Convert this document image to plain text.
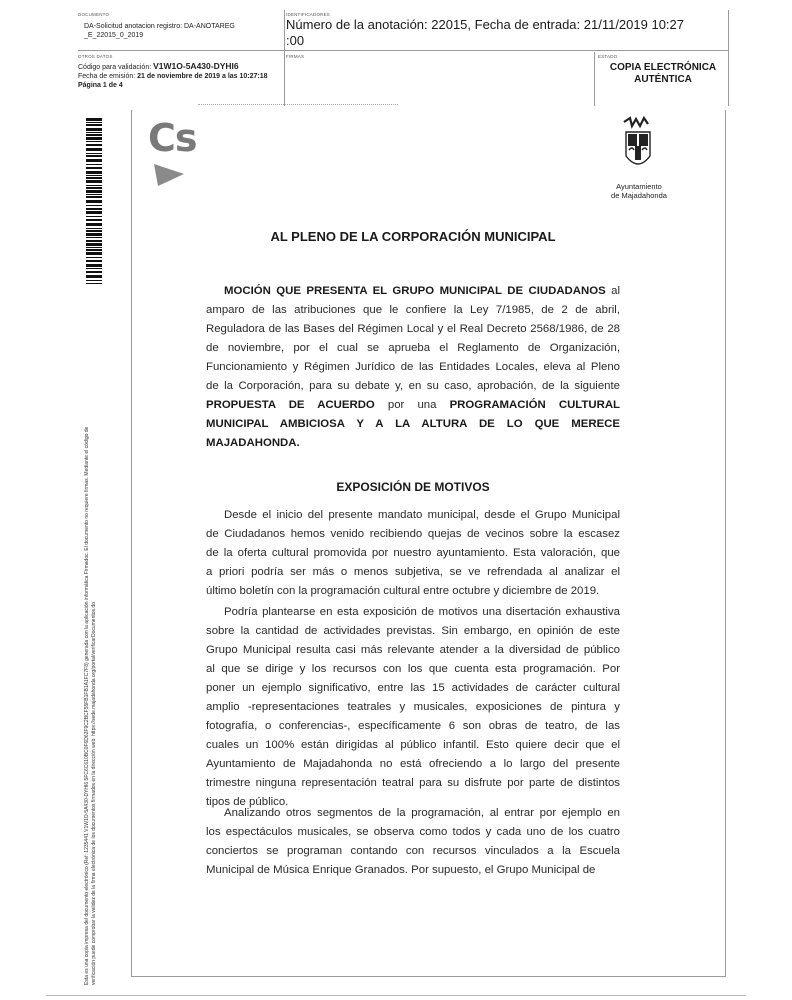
DOCUMENTO
DA-Solicitud anotacion registro: DA-ANOTAREG
_E_22015_0_2019
IDENTIFICADORES
Número de la anotación: 22015, Fecha de entrada: 21/11/2019 10:27
:00
OTROS DATOS
Código para validación: V1W1O-5A430-DYHI6
Fecha de emisión: 21 de noviembre de 2019 a las 10:27:18
Página 1 de 4
FIRMAS	ESTADO
COPIA ELECTRÓNICA
AUTÉNTICA
Esta es una copia impresa del documento electrónico (Ref: 1235441 V1W1O-5A430-DYHI6 5FC6C610BC0F6D62F9C2BCF55FB1FB1A1FC7F8) generada con la aplicación informática Firmadoc. El documento no requiere firmas. Mediante el código de verificación puede comprobar la validez de la firma electrónica de los documentos firmados en la dirección web: https://sede.majadahonda.org/portal/verificarDocumentos.do
Cs
Ayuntamiento
de Majadahonda
AL PLENO DE LA CORPORACIÓN MUNICIPAL
MOCIÓN QUE PRESENTA EL GRUPO MUNICIPAL DE CIUDADANOS al
amparo de las atribuciones que le confiere la Ley 7/1985, de 2 de abril,
Reguladora de las Bases del Régimen Local y el Real Decreto 2568/1986, de 28
de noviembre, por el cual se aprueba el Reglamento de Organización,
Funcionamiento y Régimen Jurídico de las Entidades Locales, eleva al Pleno
de la Corporación, para su debate y, en su caso, aprobación, de la siguiente
PROPUESTA DE ACUERDO por una PROGRAMACIÓN CULTURAL
MUNICIPAL AMBICIOSA Y A LA ALTURA DE LO QUE MERECE
MAJADAHONDA.
EXPOSICIÓN DE MOTIVOS
Desde el inicio del presente mandato municipal, desde el Grupo Municipal
de Ciudadanos hemos venido recibiendo quejas de vecinos sobre la escasez
de la oferta cultural promovida por nuestro ayuntamiento. Esta valoración, que
a priori podría ser más o menos subjetiva, se ve refrendada al analizar el
último boletín con la programación cultural entre octubre y diciembre de 2019.
Podría plantearse en esta exposición de motivos una disertación exhaustiva
sobre la cantidad de actividades previstas. Sin embargo, en opinión de este
Grupo Municipal resulta casi más relevante atender a la diversidad de público
al que se dirige y los recursos con los que cuenta esta programación. Por
poner un ejemplo significativo, entre las 15 actividades de carácter cultural
amplio -representaciones teatrales y musicales, exposiciones de pintura y
fotografía, o conferencias-, específicamente 6 son obras de teatro, de las
cuales un 100% están dirigidas al público infantil. Esto quiere decir que el
Ayuntamiento de Majadahonda no está ofreciendo a lo largo del presente
trimestre ninguna representación teatral para su disfrute por parte de distintos
tipos de público.
Analizando otros segmentos de la programación, al entrar por ejemplo en
los espectáculos musicales, se observa como todos y cada uno de los cuatro
conciertos se programan contando con recursos vinculados a la Escuela
Municipal de Música Enrique Granados. Por supuesto, el Grupo Municipal de
